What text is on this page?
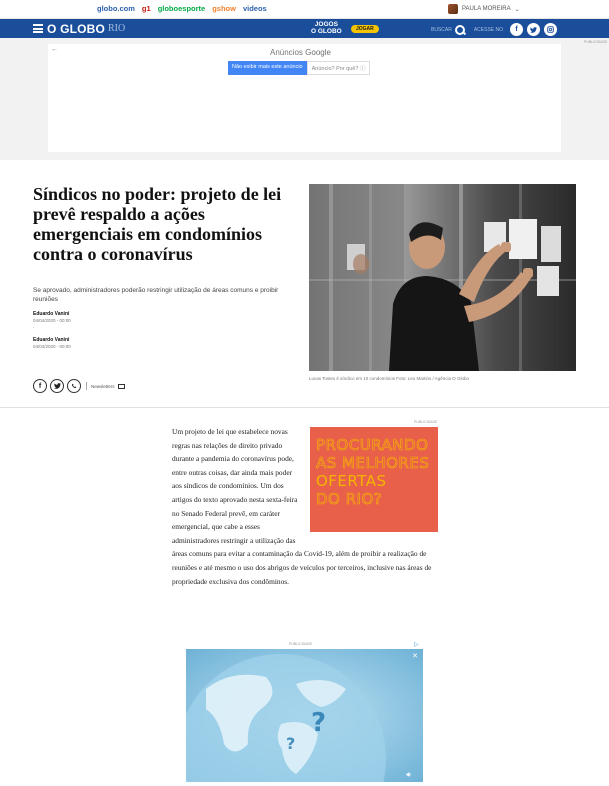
globo.com g1 globoesporte gshow videos	PAULA MOREIRA ⌄
O GLOBO RIO	JOGOS
O GLOBO	JOGAR	BUSCAR	ACESSE NO	f
←	Anúncios Google
Não exibir mais este anúncio	Anúncio? Por quê? ⓘ
PUBLICIDADE
Síndicos no poder: projeto de lei prevê respaldo a ações emergenciais em condomínios contra o coronavírus

Se aprovado, administradores poderão restringir utilização de áreas comuns e proibir reuniões

Eduardo Vanini
04/04/2020 - 00:00
·
Eduardo Vanini
04/04/2020 - 00:00
f	Newsletters
Lucas Tostes é síndico em 10 condomínios Foto: Leo Martins / Agência O Globo
PUBLICIDADE
PROCURANDO
AS MELHORES
OFERTAS
DO RIO?
Um projeto de lei que estabelece novas regras nas relações de direito privado durante a pandemia do coronavírus pode, entre outras coisas, dar ainda mais poder aos síndicos de condomínios. Um dos artigos do texto aprovado nesta sexta-feira no Senado Federal prevê, em caráter emergencial, que cabe a esses administradores restringir a utilização das áreas comuns para evitar a contaminação da Covid-19, além de proibir a realização de reuniões e até mesmo o uso dos abrigos de veículos por terceiros, inclusive nas áreas de propriedade exclusiva dos condôminos.
PUBLICIDADE	▷
?
?
✕
